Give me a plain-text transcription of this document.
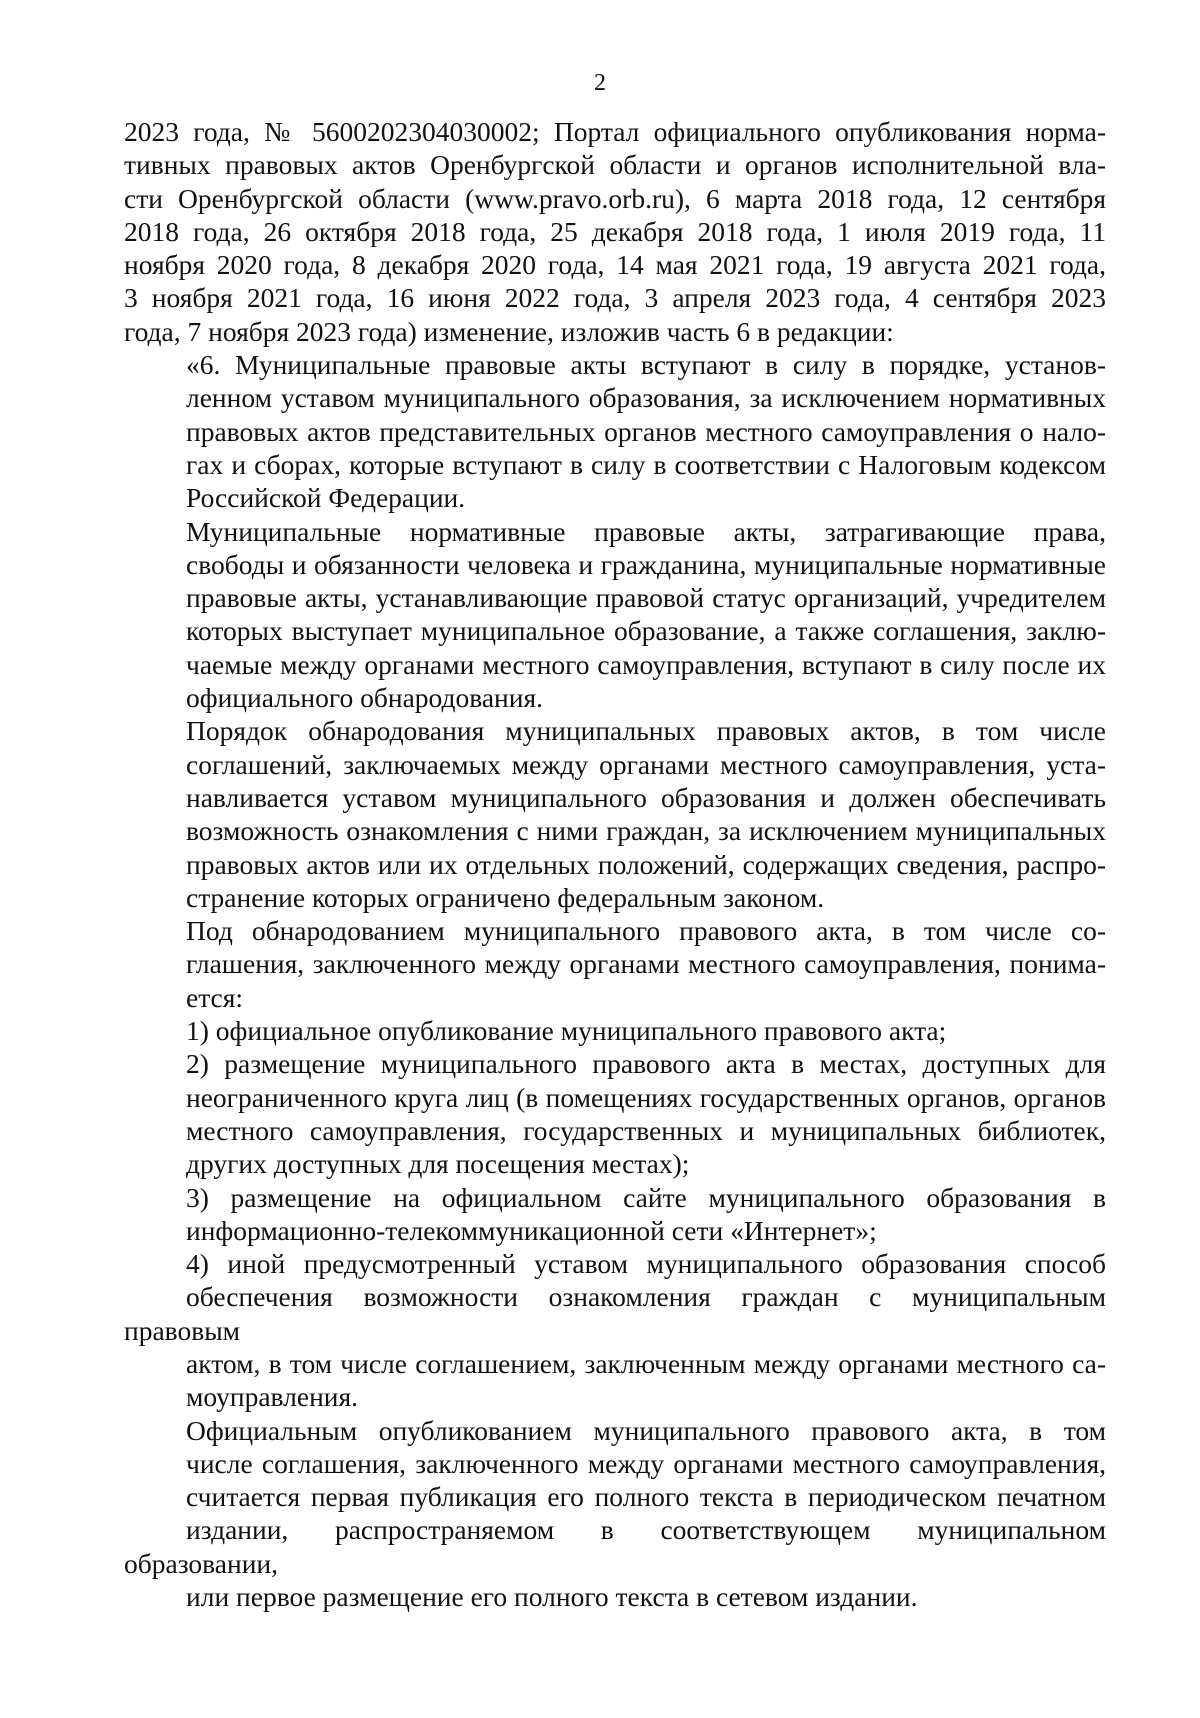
2

2023 года, № 5600202304030002; Портал официального опубликования норма-
тивных правовых актов Оренбургской области и органов исполнительной вла-
сти Оренбургской области (www.pravo.orb.ru), 6 марта 2018 года, 12 сентября
2018 года, 26 октября 2018 года, 25 декабря 2018 года, 1 июля 2019 года, 11
ноября 2020 года, 8 декабря 2020 года, 14 мая 2021 года, 19 августа 2021 года,
3 ноября 2021 года, 16 июня 2022 года, 3 апреля 2023 года, 4 сентября 2023
года, 7 ноября 2023 года) изменение, изложив часть 6 в редакции:

«6. Муниципальные правовые акты вступают в силу в порядке, установ-
ленном уставом муниципального образования, за исключением нормативных
правовых актов представительных органов местного самоуправления о нало-
гах и сборах, которые вступают в силу в соответствии с Налоговым кодексом
Российской Федерации.

Муниципальные нормативные правовые акты, затрагивающие права,
свободы и обязанности человека и гражданина, муниципальные нормативные
правовые акты, устанавливающие правовой статус организаций, учредителем
которых выступает муниципальное образование, а также соглашения, заклю-
чаемые между органами местного самоуправления, вступают в силу после их
официального обнародования.

Порядок обнародования муниципальных правовых актов, в том числе
соглашений, заключаемых между органами местного самоуправления, уста-
навливается уставом муниципального образования и должен обеспечивать
возможность ознакомления с ними граждан, за исключением муниципальных
правовых актов или их отдельных положений, содержащих сведения, распро-
странение которых ограничено федеральным законом.

Под обнародованием муниципального правового акта, в том числе со-
глашения, заключенного между органами местного самоуправления, понима-
ется:

1) официальное опубликование муниципального правового акта;

2) размещение муниципального правового акта в местах, доступных для
неограниченного круга лиц (в помещениях государственных органов, органов
местного самоуправления, государственных и муниципальных библиотек,
других доступных для посещения местах);

3) размещение на официальном сайте муниципального образования в
информационно-телекоммуникационной сети «Интернет»;

4) иной предусмотренный уставом муниципального образования способ
обеспечения возможности ознакомления граждан с муниципальным правовым
актом, в том числе соглашением, заключенным между органами местного са-
моуправления.

Официальным опубликованием муниципального правового акта, в том
числе соглашения, заключенного между органами местного самоуправления,
считается первая публикация его полного текста в периодическом печатном
издании, распространяемом в соответствующем муниципальном образовании,
или первое размещение его полного текста в сетевом издании.
